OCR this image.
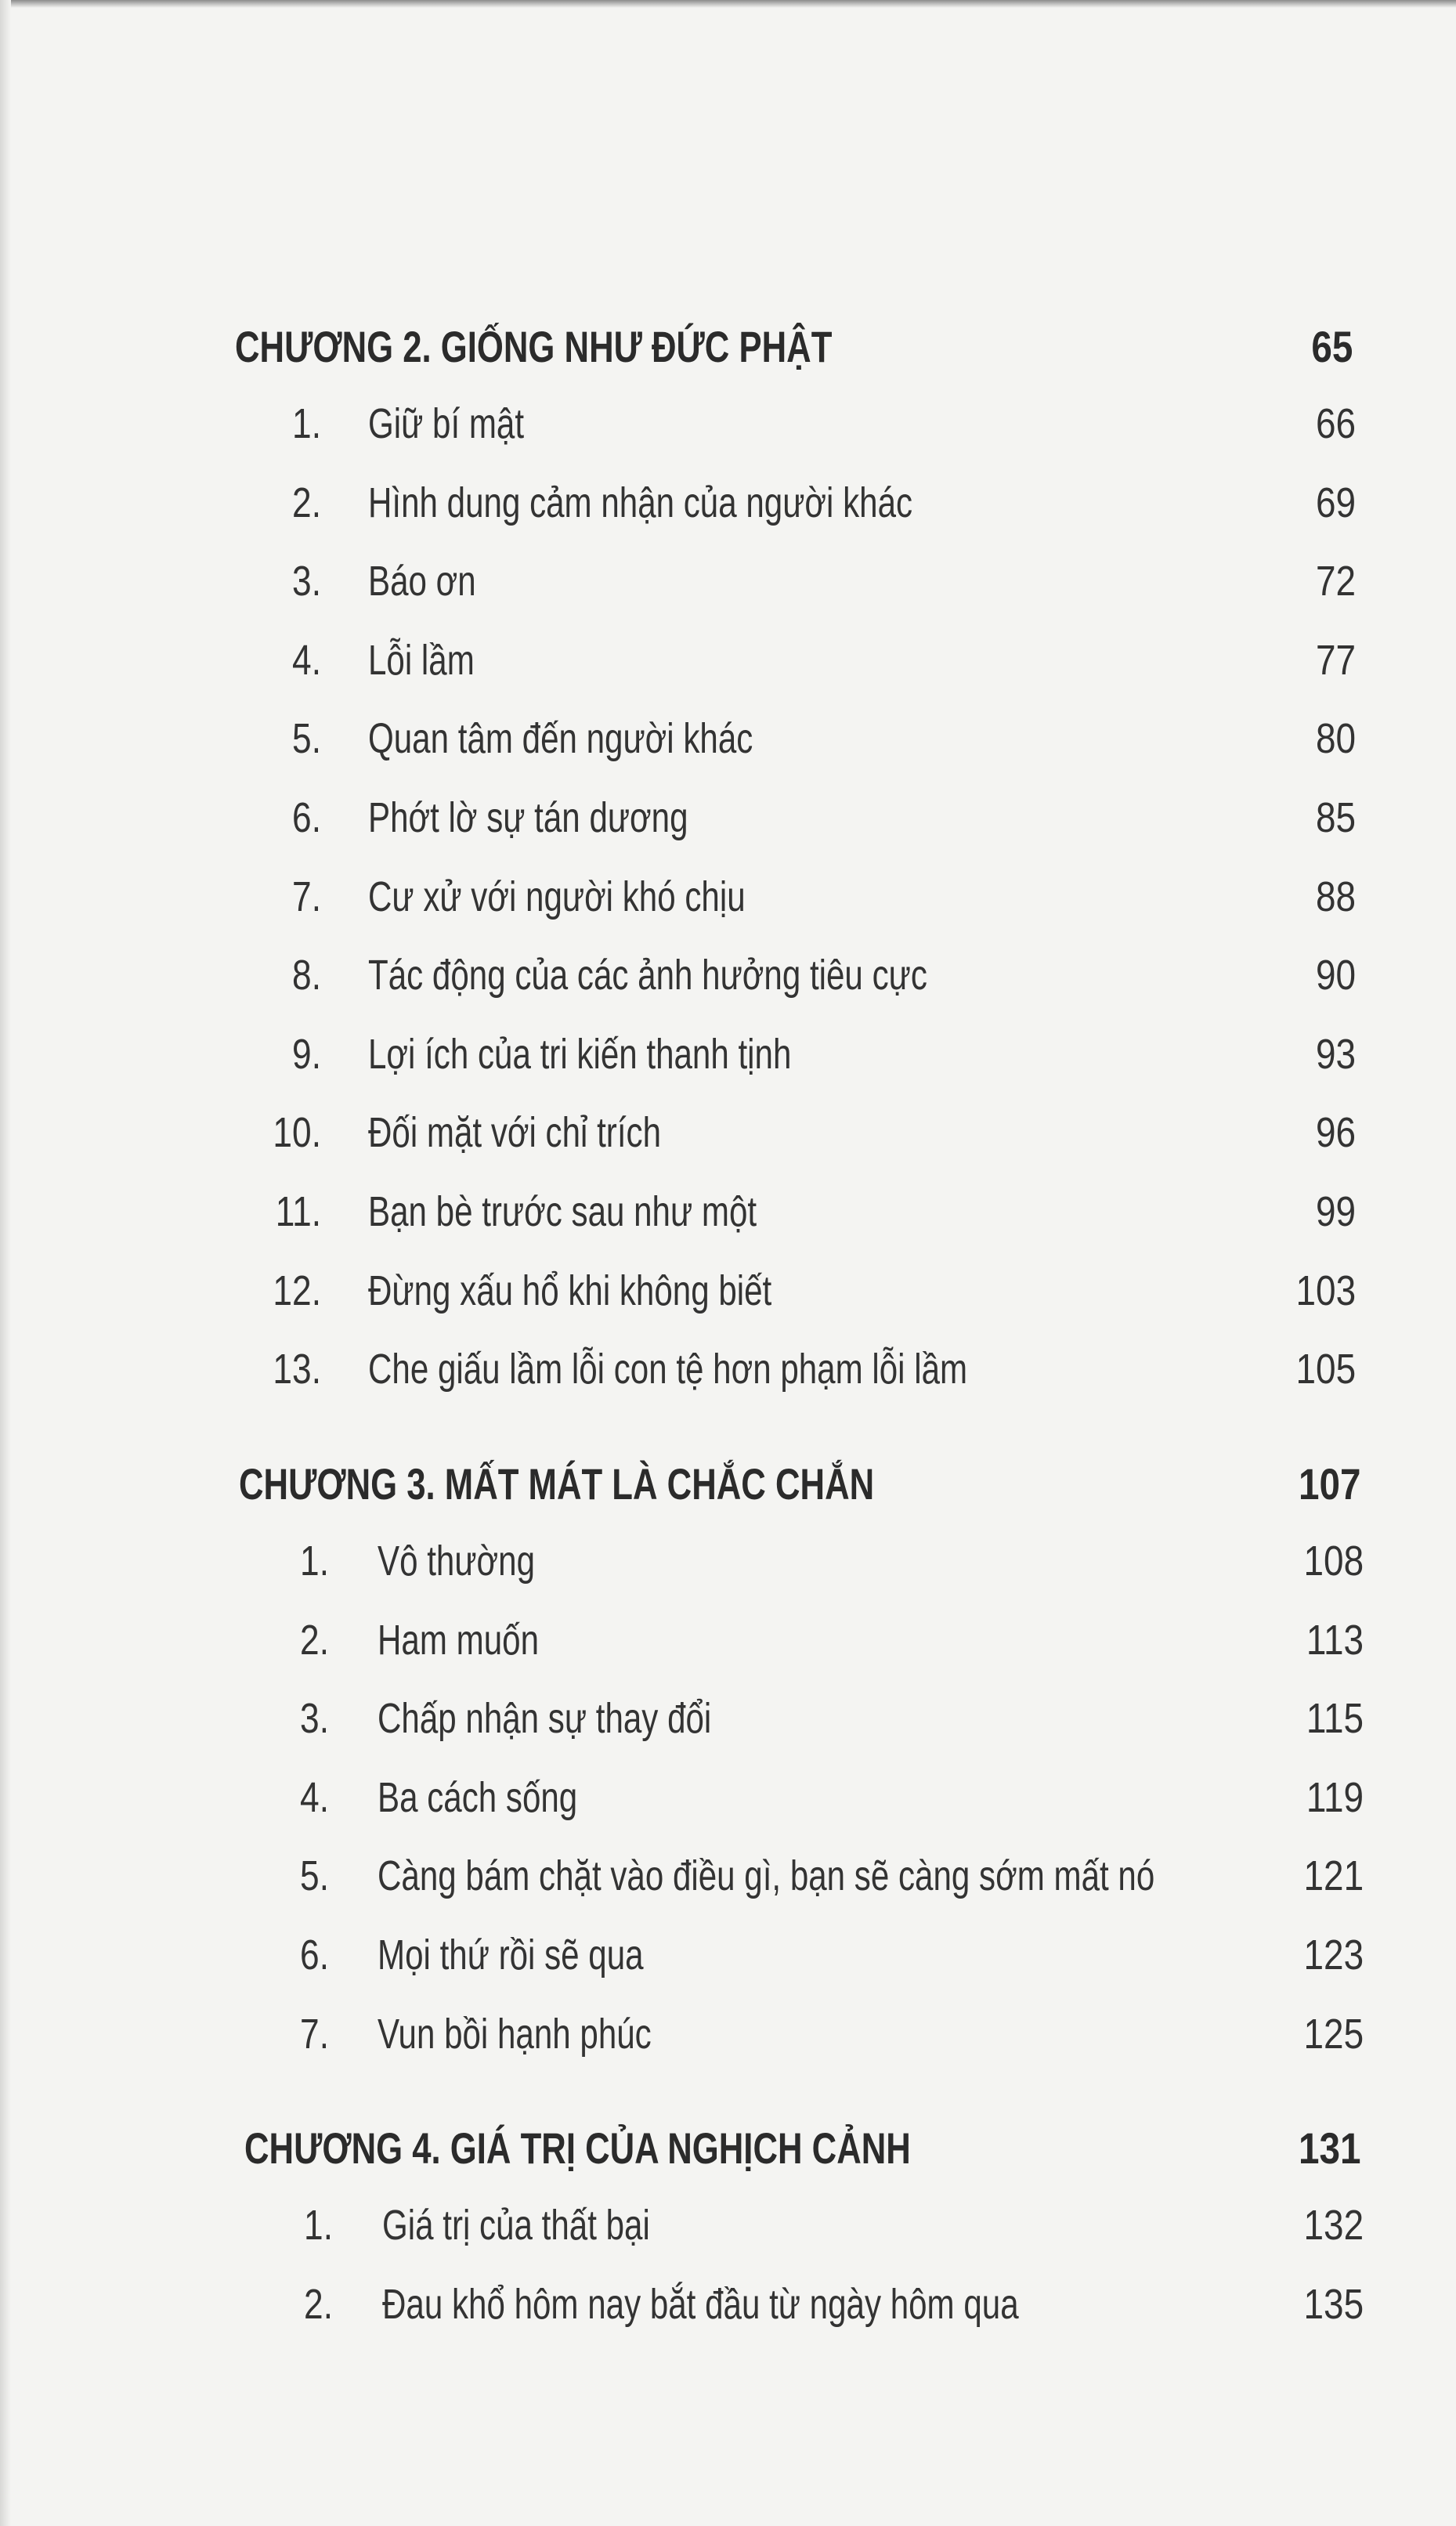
CHƯƠNG 2. GIỐNG NHƯ ĐỨC PHẬT	65
1. Giữ bí mật	66
2. Hình dung cảm nhận của người khác	69
3. Báo ơn	72
4. Lỗi lầm	77
5. Quan tâm đến người khác	80
6. Phớt lờ sự tán dương	85
7. Cư xử với người khó chịu	88
8. Tác động của các ảnh hưởng tiêu cực	90
9. Lợi ích của tri kiến thanh tịnh	93
10. Đối mặt với chỉ trích	96
11. Bạn bè trước sau như một	99
12. Đừng xấu hổ khi không biết	103
13. Che giấu lầm lỗi con tệ hơn phạm lỗi lầm	105
CHƯƠNG 3. MẤT MÁT LÀ CHẮC CHẮN	107
1. Vô thường	108
2. Ham muốn	113
3. Chấp nhận sự thay đổi	115
4. Ba cách sống	119
5. Càng bám chặt vào điều gì, bạn sẽ càng sớm mất nó	121
6. Mọi thứ rồi sẽ qua	123
7. Vun bồi hạnh phúc	125
CHƯƠNG 4. GIÁ TRỊ CỦA NGHỊCH CẢNH	131
1. Giá trị của thất bại	132
2. Đau khổ hôm nay bắt đầu từ ngày hôm qua	135
